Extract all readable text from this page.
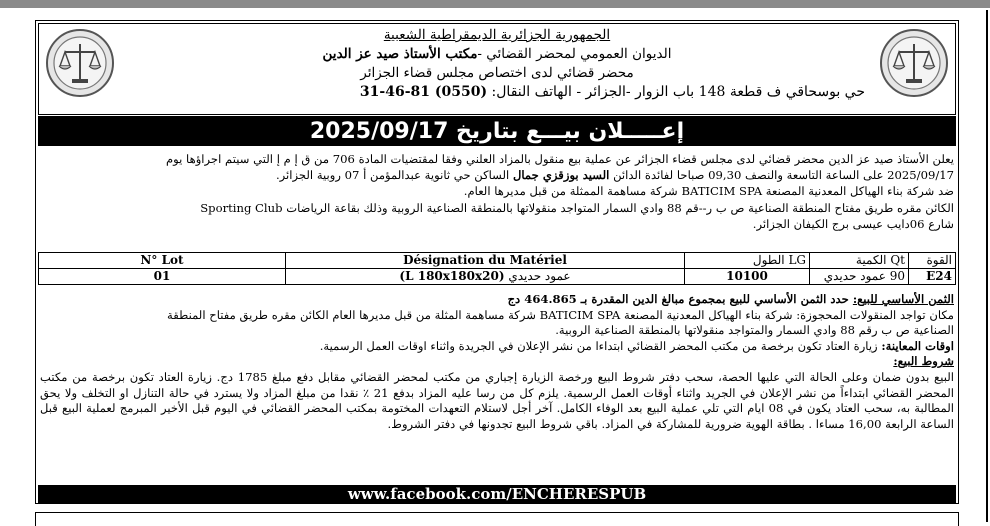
الجمهورية الجزائرية الديمقراطية الشعبية
الديوان العمومي لمحضر القضائي -مكتب الأستاذ صيد عز الدين
محضر قضائي لدى اختصاص مجلس قضاء الجزائر
حي بوسحاقي ف قطعة 148 باب الزوار -الجزائر - الهاتف النقال: (0550) 31-46-81
إعـــــلان بيـــع بتاريخ 2025/09/17

يعلن الأستاذ صيد عز الدين محضر قضائي لدى مجلس قضاء الجزائر عن عملية بيع منقول بالمزاد العلني وفقا لمقتضيات المادة 706 من ق إ م إ التي سيتم اجراؤها يوم

2025/09/17 على الساعة التاسعة والنصف 09,30 صباحا لفائدة الدائن السيد بوزقزي جمال الساكن حي ثانوية عبدالمؤمن أ 07 روبية الجزائر.

ضد شركة بناء الهياكل المعدنية المصنعة BATICIM SPA شركة مساهمة الممثلة من قبل مديرها العام.

الكائن مقره طريق مفتاح المنطقة الصناعية ص ب ر--قم 88 وادي السمار المتواجد منقولاتها بالمنطقة الصناعية الروبية وذلك بقاعة الرياضات Sporting Club

شارع 06دايب عيسى برج الكيفان الجزائر.

القوة	Qt الكمية	LG الطول	Désignation du Matériel	N° Lot
E24	90 عمود حديدي	10100	عمود حديدي (L 180x180x20)	01

الثمن الأساسي للبيع: حدد الثمن الأساسي للبيع بمجموع مبالغ الدين المقدرة بـ 464.865 دج

مكان تواجد المنقولات المحجوزة: شركة بناء الهياكل المعدنية المصنعة BATICIM SPA شركة مساهمة المثلة من قبل مديرها العام الكائن مقره طريق مفتاح المنطقة

الصناعية ص ب رقم 88 وادي السمار والمتواجد منقولاتها بالمنطقة الصناعية الروبية.

اوقات المعاينة: زيارة العتاد تكون برخصة من مكتب المحضر القضائي ابتداءا من نشر الإعلان في الجريدة واثناء اوقات العمل الرسمية.

شروط البيع:

البيع بدون ضمان وعلى الحالة التي عليها الحصة، سحب دفتر شروط البيع ورخصة الزيارة إجباري من مكتب لمحضر القضائي مقابل دفع مبلغ 1785 دج. زيارة العتاد تكون برخصة من مكتب المحضر القضائي ابتداءاً من نشر الإعلان في الجريد واثناء أوقات العمل الرسمية. يلزم كل من رسا عليه المزاد بدفع 21 ٪ نقدا من مبلغ المزاد ولا يسترد في حالة التنازل او التخلف ولا يحق المطالبة به، سحب العتاد يكون في 08 ايام التي تلي عملية البيع بعد الوفاء الكامل. آخر أجل لاستلام التعهدات المختومة بمكتب المحضر القضائي في اليوم قبل الأخير المبرمج لعملية البيع قبل الساعة الرابعة 16,00 مساءا . بطاقة الهوية ضرورية للمشاركة في المزاد. باقي شروط البيع تجدونها في دفتر الشروط.

www.facebook.com/ENCHERESPUB
